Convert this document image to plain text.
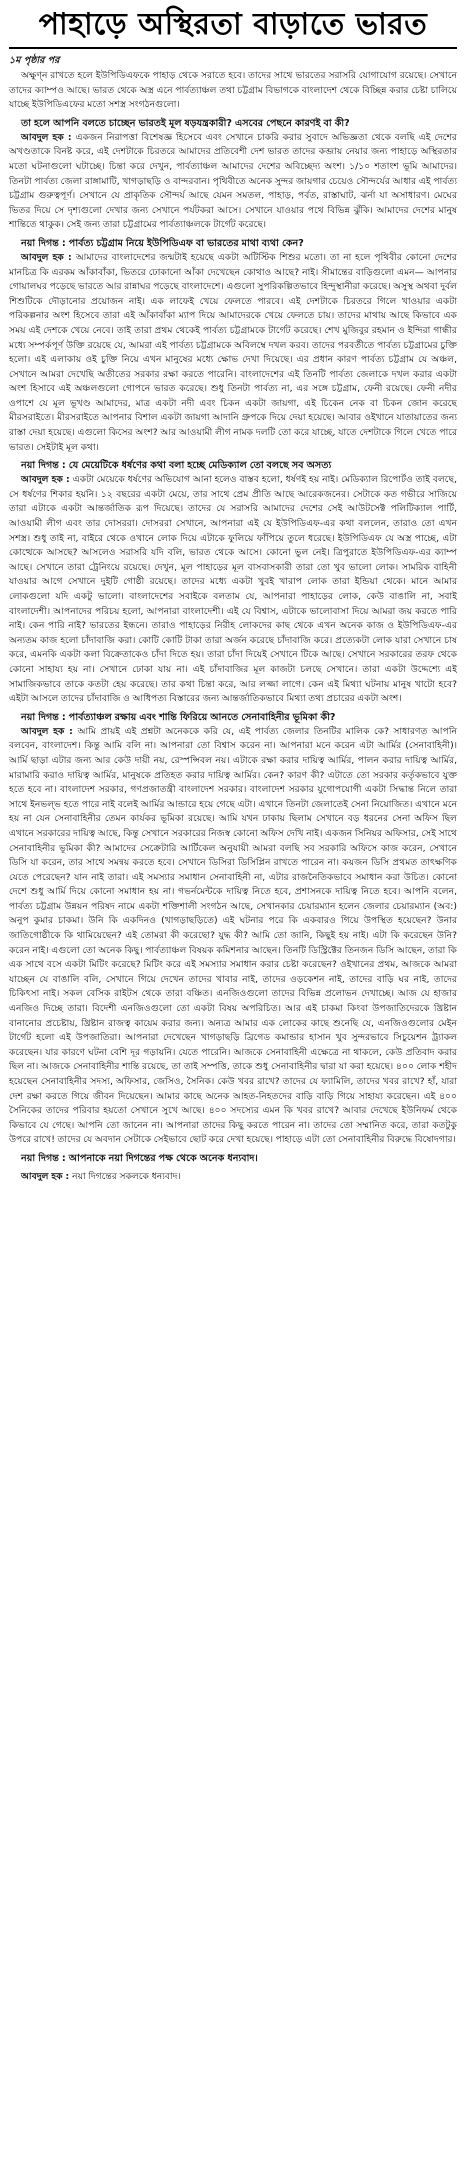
পাহাড়ে অস্থিরতা বাড়াতে ভারত
১ম পৃষ্ঠার পর

অক্ষুণ্ন রাখতে হলে ইউপিডিএফকে পাহাড় থেকে সরাতে হবে। তাদের সাথে ভারতের সরাসরি যোগাযোগ রয়েছে। সেখানে তাদের ক্যাম্পও আছে। ভারত থেকে অস্ত্র এনে পার্বত্যাঞ্চল তথা চট্টগ্রাম বিভাগকে বাংলাদেশ থেকে বিচ্ছিন্ন করার চেষ্টা চালিয়ে যাচ্ছে ইউপিডিএফের মতো সশস্ত্র সংগঠনগুলো।

তা হলে আপনি বলতে চাচ্ছেন ভারতই মূল ষড়যন্ত্রকারী? এসবের পেছনে কারণই বা কী?

আবদুল হক : একজন নিরাপত্তা বিশেষজ্ঞ হিসেবে এবং সেখানে চাকরি করার সুবাদে অভিজ্ঞতা থেকে বলছি এই দেশের অখণ্ডতাকে বিনষ্ট করে, এই দেশটাকে চিরতরে আমাদের প্রতিবেশী দেশ ভারত তাদের কব্জায় নেয়ার জন্য পাহাড়ে অস্থিরতার মতো ঘটনাগুলো ঘটাচ্ছে। চিন্তা করে দেখুন, পার্বত্যাঞ্চল আমাদের দেশের অবিচ্ছেদ্য অংশ। ১/১০ শতাংশ ভূমি আমাদের। তিনটা পার্বত্য জেলা রাঙ্গামাটি, খাগড়াছড়ি ও বান্দরবান। পৃথিবীতে অনেক সুন্দর জায়গার চেয়েও সৌন্দর্যের আধার এই পার্বত্য চট্টগ্রাম গুরুত্বপূর্ণ। সেখানে যে প্রাকৃতিক সৌন্দর্য আছে যেমন সমতল, পাহাড়, পর্বত, রাস্তাঘাট, ঝর্না যা অসাধারণ। মেঘের ভিতর দিয়ে সে দৃশ্যগুলো দেখার জন্য সেখানে পর্যটকরা আসে। সেখানে যাওয়ার পথে বিভিন্ন ঝুঁকি। আমাদের দেশের মানুষ শান্তিতে থাকুক। সেই জন্য তারা চট্টগ্রামের পার্বত্যাঞ্চলকে টার্গেট করেছে।

নয়া দিগন্ত : পার্বত্য চট্টগ্রাম নিয়ে ইউপিডিএফ বা ভারতের মাথা ব্যথা কেন?

আবদুল হক : আমাদের বাংলাদেশের জন্মটাই হয়েছে একটা অটিস্টিক শিশুর মতো। তা না হলে পৃথিবীর কোনো দেশের মানচিত্র কি এরকম আঁকাবাঁকা, ভিতরে ঢোকানো আঁকা দেখেছেন কোথাও আছে? নাই। সীমান্তের বাড়িগুলো এমন— আপনার গোয়ালঘর পড়েছে ভারতে আর রান্নাঘর পড়েছে বাংলাদেশে। এগুলো সুপরিকল্পিতভাবে হিন্দুস্থানীরা করেছে। অসুস্থ অথবা দুর্বল শিশুটিকে দৌড়ানোর প্রয়োজন নাই। এক লাফেই খেয়ে ফেলতে পারবে। এই দেশটাকে চিরতরে গিলে খাওয়ার একটা পরিকল্পনার অংশ হিসেবে তারা এই আঁকাবাঁকা ম্যাপ দিয়ে আমাদেরকে খেয়ে ফেলতে চায়। তাদের মাথায় আছে কিভাবে এক সময় এই দেশকে খেয়ে নেবে। তাই তারা প্রথম থেকেই পার্বত্য চট্টগ্রামকে টার্গেট করেছে। শেখ মুজিবুর রহমান ও ইন্দিরা গান্ধীর মধ্যে সম্পর্কপূর্ণ উক্তি রয়েছে যে, আমরা এই পার্বত্য চট্টগ্রামকে অবিলম্বে দখল করব। তাদের পরবর্তীতে পার্বত্য চট্টগ্রামের চুক্তি হলো। এই এলাকায় ওই চুক্তি নিয়ে এখন মানুষের মধ্যে ক্ষোভ দেখা দিয়েছে। এর প্রধান কারণ পার্বত্য চট্টগ্রাম যে অঞ্চল, সেখানে আমরা দেখেছি অতীতের সরকার রক্ষা করতে পারেনি। বাংলাদেশের এই তিনটি পার্বত্য জেলাকে দখল করার একটা অংশ হিসাবে এই অঞ্চলগুলো গোপনে ভারত করেছে। শুধু তিনটা পার্বত্য না, এর সঙ্গে চট্টগ্রাম, ফেনী রয়েছে। ফেনী নদীর ওপাশে যে মূল ভূখণ্ড আমাদের, মাত্র একটা নদী এবং চিকন একটা জায়গা, এই চিকেন নেক বা চিকন জোন করেছে মীরসরাইতে। মীরসরাইতে আপনার বিশাল একটা জায়গা আদানি গ্রুপকে দিয়ে দেয়া হয়েছে। আবার ওইখানে যাতায়াতের জন্য রাস্তা দেয়া হয়েছে। এগুলো কিসের অংশ? আর আওয়ামী লীগ নামক দলটি তো করে যাচ্ছে, যাতে দেশটাকে গিলে খেতে পারে ভারত। সেইটাই মূল কথা।

নয়া দিগন্ত : যে মেয়েটিকে ধর্ষণের কথা বলা হচ্ছে মেডিক্যাল তো বলছে সব অসত্য

আবদুল হক : একটা মেয়েকে ধর্ষণের অভিযোগ আনা হলেও বাস্তব হলো, ধর্ষণই হয় নাই। মেডিক্যাল রিপোর্টও তাই বলছে, সে ধর্ষণের শিকার হয়নি। ১২ বছরের একটা মেয়ে, তার সাথে প্রেম প্রীতি আছে আরেকজনের। সেটাকে কত গভীরে সাজিয়ে তারা এটাকে একটা আন্তর্জাতিক রূপ দিয়েছে। তাদের যে সরাসরি আমাদের দেশের সেই আউটসেক্ট পলিটিক্যাল পার্টি, আওয়ামী লীগ এবং তার দোসররা। দোসররা সেখানে, আপনারা এই যে ইউপিডিএফ-এর কথা বললেন, তারাও তো এখন সশস্ত্র। শুধু তাই না, বাইরে থেকে ওখানে লোক দিয়ে এটাকে ফুলিয়ে ফাঁপিয়ে তুলে ধরেছে। ইউপিডিএফ যে অস্ত্র পাচ্ছে, এটা কোত্থেকে আসছে? আসলেও সরাসরি যদি বলি, ভারত থেকে আসে। কোনো ভুল নেই। ত্রিপুরাতে ইউপিডিএফ-এর ক্যাম্প আছে। সেখানে তারা ট্রেনিংয়ে রয়েছে। দেখুন, মূল পাহাড়ের মূল বাসবাসকারী তারা তো খুব ভালো লোক। সামরিক বাহিনী যাওয়ার আগে সেখানে দুইটি গোষ্ঠী রয়েছে। তাদের মধ্যে একটা খুবই খারাপ লোক তারা ইন্ডিয়া থেকে। মানে আমার লোকগুলো যদি একটু ভালো। বাংলাদেশের সবাইকে বলতাম যে, আপনারা পাহাড়ের লোক, কেউ বাঙালি না, সবাই বাংলাদেশী। আপনাদের পরিচয় হলো, আপনারা বাংলাদেশী। এই যে বিশ্বাস, এটাকে ভালোবাসা দিয়ে আমরা জয় করতে পারি নাই। কেন পারি নাই? ভারতের ইন্ধনে। তারাও পাহাড়ের নিরীহ লোকদের কাছ থেকে এখন অনেক কাজ ও ইউপিডিএফ-এর অন্যতম কাজ হলো চাঁদাবাজি করা। কোটি কোটি টাকা তারা অর্জন করেছে চাঁদাবাজি করে। প্রত্যেকটা লোক যারা সেখানে চাষ করে, এমনকি একটা কলা বিক্রেতাকেও চাঁদা দিতে হয়। তারা চাঁদা দিয়েই সেখানে টিকে আছে। সেখানে সরকারের তরফ থেকে কোনো সাহায্য হয় না। সেখানে ঢোকা যায় না। এই চাঁদাবাজির মূল কাজটা চলছে সেখানে। তারা একটা উদ্দেশ্যে এই সামাজিকভাবে তাকে কতটা হেয় করেছে। তার কথা চিন্তা করে, আর লজ্জা লাগে। কেন এই মিথ্যা ঘটনায় মানুষ খাটো হবে? এইটা আসলে তাদের চাঁদাবাজি ও আধিপত্য বিস্তারের জন্য আন্তর্জাতিকভাবে মিথ্যা তথ্য প্রচারের একটা অংশ।

নয়া দিগন্ত : পার্বত্যাঞ্চল রক্ষায় এবং শান্তি ফিরিয়ে আনতে সেনাবাহিনীর ভূমিকা কী?

আবদুল হক : আমি প্রায়ই এই প্রশ্নটা অনেককে করি যে, এই পার্বত্য জেলার তিনটির মালিক কে? সাধারণত আপনি বলবেন, বাংলাদেশ। কিন্তু আমি বলি না। আপনারা তো বিশ্বাস করেন না। আপনারা মনে করেন এটা আর্মির (সেনাবাহিনী)। আর্মি ছাড়া এটার জন্য আর কেউ দায়ী নয়, রেস্পন্সিবল নয়। এটাকে রক্ষা করার দায়িত্ব আর্মির, পালন করার দায়িত্ব আর্মির, মারামারি করাও দায়িত্ব আর্মির, মানুষকে প্রতিহত করার দায়িত্ব আর্মির। কেন? কারণ কী? এটাতে তো সরকার কর্তৃকভাবে যুক্ত হতে হবে না। বাংলাদেশ সরকার, গণপ্রজাতন্ত্রী বাংলাদেশ সরকার। বাংলাদেশ সরকার যুগোপযোগী একটা সিদ্ধান্ত নিলে তারা সাথে ইনভল্ভ হতে পারে নাই বলেই আর্মির আন্ডারে হয়ে গেছে এটা। এখানে তিনটা জেলাতেই সেনা নিয়োজিত। এখানে মনে হয় না যেন সেনাবাহিনীর তেমন কার্যকর ভূমিকা রয়েছে। আমি যখন ঢাকায় ছিলাম সেখানে বড় ধরনের সেনা অফিস ছিল এখানে সরকারের দায়িত্ব আছে, কিন্তু সেখানে সরকারের নিজস্ব কোনো অফিস দেখি নাই। একজন সিনিয়র অফিসার, সেই সাথে সেনাবাহিনীর ভূমিকা কী? আমাদের সেক্রেটারি আর্টিকেল অনুযায়ী আমরা বলছি সব সরকারি অফিসে কাজ করেন, সেখানে ডিসি যা করেন, তার সাথে সমন্বয় করতে হবে। সেখানে ডিসিরা ডিসিপ্লিন রাখতে পারেন না। কয়জন ডিসি প্রথমত তাৎক্ষণিক যেতে পেরেছেন? যান নাই তারা। এই সমস্যার সমাধান সেনাবাহিনী না, এটার রাজনৈতিকভাবে সমাধান করা উচিত। কোনো দেশে শুধু আর্মি দিয়ে কোনো সমাধান হয় না। গভর্নমেন্টকে দায়িত্ব নিতে হবে, প্রশাসনকে দায়িত্ব নিতে হবে। আপনি বলেন, পার্বত্য চট্টগ্রাম উন্নয়ন পরিষদ নামে একটা শক্তিশালী সংগঠন আছে, সেখানকার চেয়ারম্যান হলেন জেলার চেয়ারম্যান (অব:) অনুপ কুমার চাকমা। উনি কি একদিনও (খাগড়াছড়িতে) এই ঘটনার পরে কি একবারও গিয়ে উপস্থিত হয়েছেন? উনার জাতিগোষ্ঠীকে কি থামিয়েছেন? এই তোমরা কী করেছো? যুদ্ধ কী? আমি তো জানি, কিছুই হয় নাই। এটা কি করেছেন উনি? করেন নাই। এগুলো তো অনেক কিছু। পার্বত্যাঞ্চল বিষয়ক কমিশনার আছেন। তিনটি ডিস্ট্রিক্টের তিনজন ডিসি আছেন, তারা কি এক সাথে বসে একটা মিটিং করেছে? মিটিং করে এই সমস্যার সমাধান করার চেষ্টা করেছেন? ওইখানের প্রথম, আজকে আমরা যাচ্ছেন যে বাঙালি বলি, সেখানে গিয়ে দেখেন তাদের খাবার নাই, তাদের ওড়কেশন নাই, তাদের বাড়ি ঘর নাই, তাদের চিকিৎসা নাই। সকল বেসিক রাইটস থেকে তারা বঞ্চিত। এনজিওগুলো তাদের বিভিন্ন প্রলোভন দেখাচ্ছে। আজ যে হাজার এনজিও দিচ্ছে তারা। বিদেশী এনজিওগুলো তো একটা বিষয় অপরিচিত। আর এই চাকমা কিংবা উপজাতিদেরকে খ্রিষ্টান বানানোর প্রচেষ্টায়, খ্রিষ্টান রাজত্ব কায়েম করার জন্য। অন্যত্র আমার এক লোকের কাছে শুনেছি যে, এনজিওগুলোর মেইন টার্গেট হলো এই উপজাতিরা। আপনারা দেখেছেন খাগড়াছড়ি ব্রিগেড কমান্ডার হাসান খুব সুন্দরভাবে সিচুয়েশন ট্র্যাকল করেছেন। যার কারণে ঘটনা বেশি দূর গড়ায়নি। যেতে পারেনি। আজকে সেনাবাহিনী এক্ষেত্রে না থাকলে, কেউ প্রতিবাদ করার ছিল না। আজকে সেনাবাহিনীর শান্তি রয়েছে, তা তাই সম্পত্তি, তাকে শুধু সেনাবাহিনীর দ্বারা যা করা হয়েছে। ৪০০ লোক শহীদ হয়েছেন সেনাবাহিনীর সদস্য, অফিসার, জেসিও, সৈনিক। কেউ খবর রাখে? তাদের যে ফ্যামিলি, তাদের খবর রাখে? হাঁ, যারা দেশ রক্ষা করতে গিয়ে জীবন দিয়েছেন। আমার কাছে অনেক আহত-নিহতদের বাড়ি বাড়ি গিয়ে সাহায্য করেছেন। এই ৪০০ সৈনিকের তাদের পরিবার হয়তো সেখানে সুখে আছে। ৪০০ সদস্যের এমন কি খবর রাখে? আবার দেখেছে ইউনিফর্ম থেকে কিভাবে যে গেছে। আপনি তো জানেন না। আপনারা তাদের কিছু করতে পারেন না। তাদের তো সম্মানিত করে, তারা কতটুকু উপরে রাখে! তাদের যে অবদান সেটাকে সেইভাবে ছোট করে দেখা হয়েছে। পাহাড়ে এটা তো সেনাবাহিনীর বিরুদ্ধে বিষোদগার।

নয়া দিগন্ত : আপনাকে নয়া দিগন্তের পক্ষ থেকে অনেক ধন্যবাদ।

আবদুল হক : নয়া দিগন্তের সকলকে ধন্যবাদ।
